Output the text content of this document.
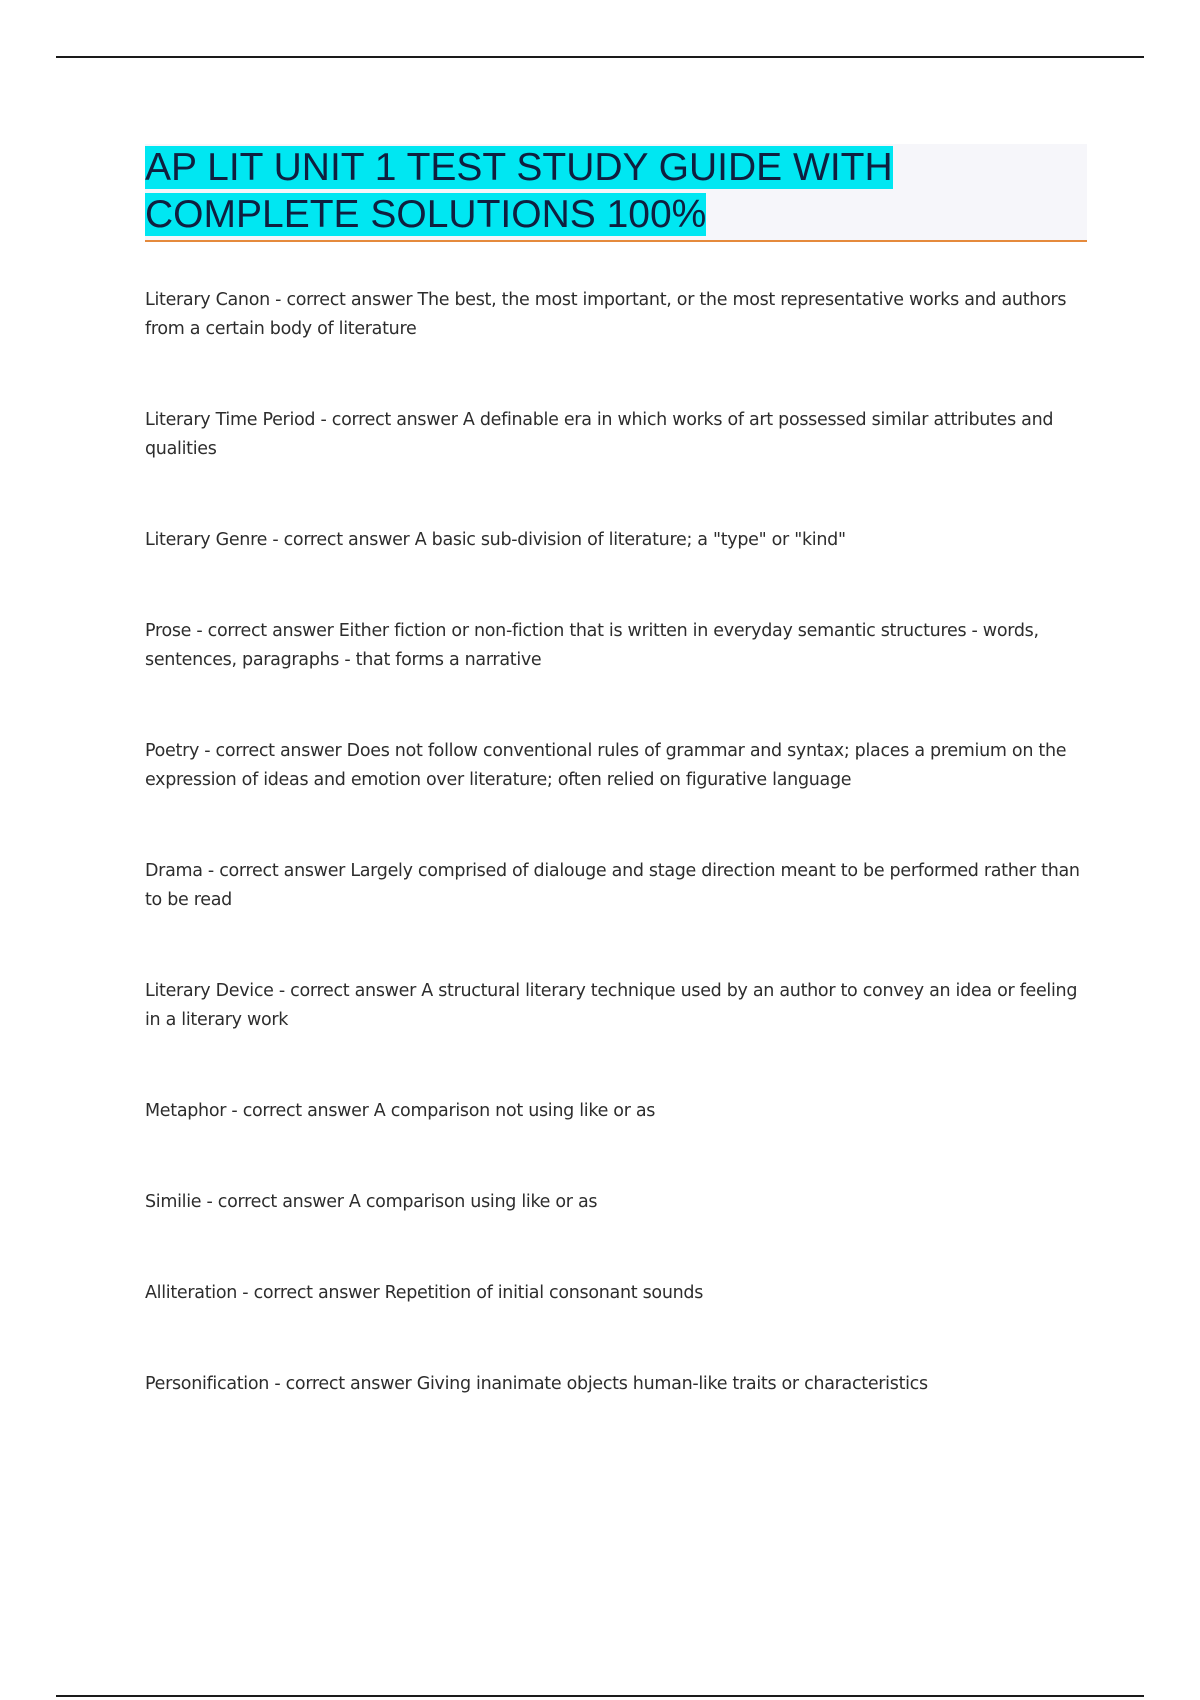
AP LIT UNIT 1 TEST STUDY GUIDE WITH
COMPLETE SOLUTIONS 100%

Literary Canon - correct answer The best, the most important, or the most representative works and authors from a certain body of literature

Literary Time Period - correct answer A definable era in which works of art possessed similar attributes and qualities

Literary Genre - correct answer A basic sub-division of literature; a "type" or "kind"

Prose - correct answer Either fiction or non-fiction that is written in everyday semantic structures - words, sentences, paragraphs - that forms a narrative

Poetry - correct answer Does not follow conventional rules of grammar and syntax; places a premium on the expression of ideas and emotion over literature; often relied on figurative language

Drama - correct answer Largely comprised of dialouge and stage direction meant to be performed rather than to be read

Literary Device - correct answer A structural literary technique used by an author to convey an idea or feeling in a literary work

Metaphor - correct answer A comparison not using like or as

Similie - correct answer A comparison using like or as

Alliteration - correct answer Repetition of initial consonant sounds

Personification - correct answer Giving inanimate objects human-like traits or characteristics
